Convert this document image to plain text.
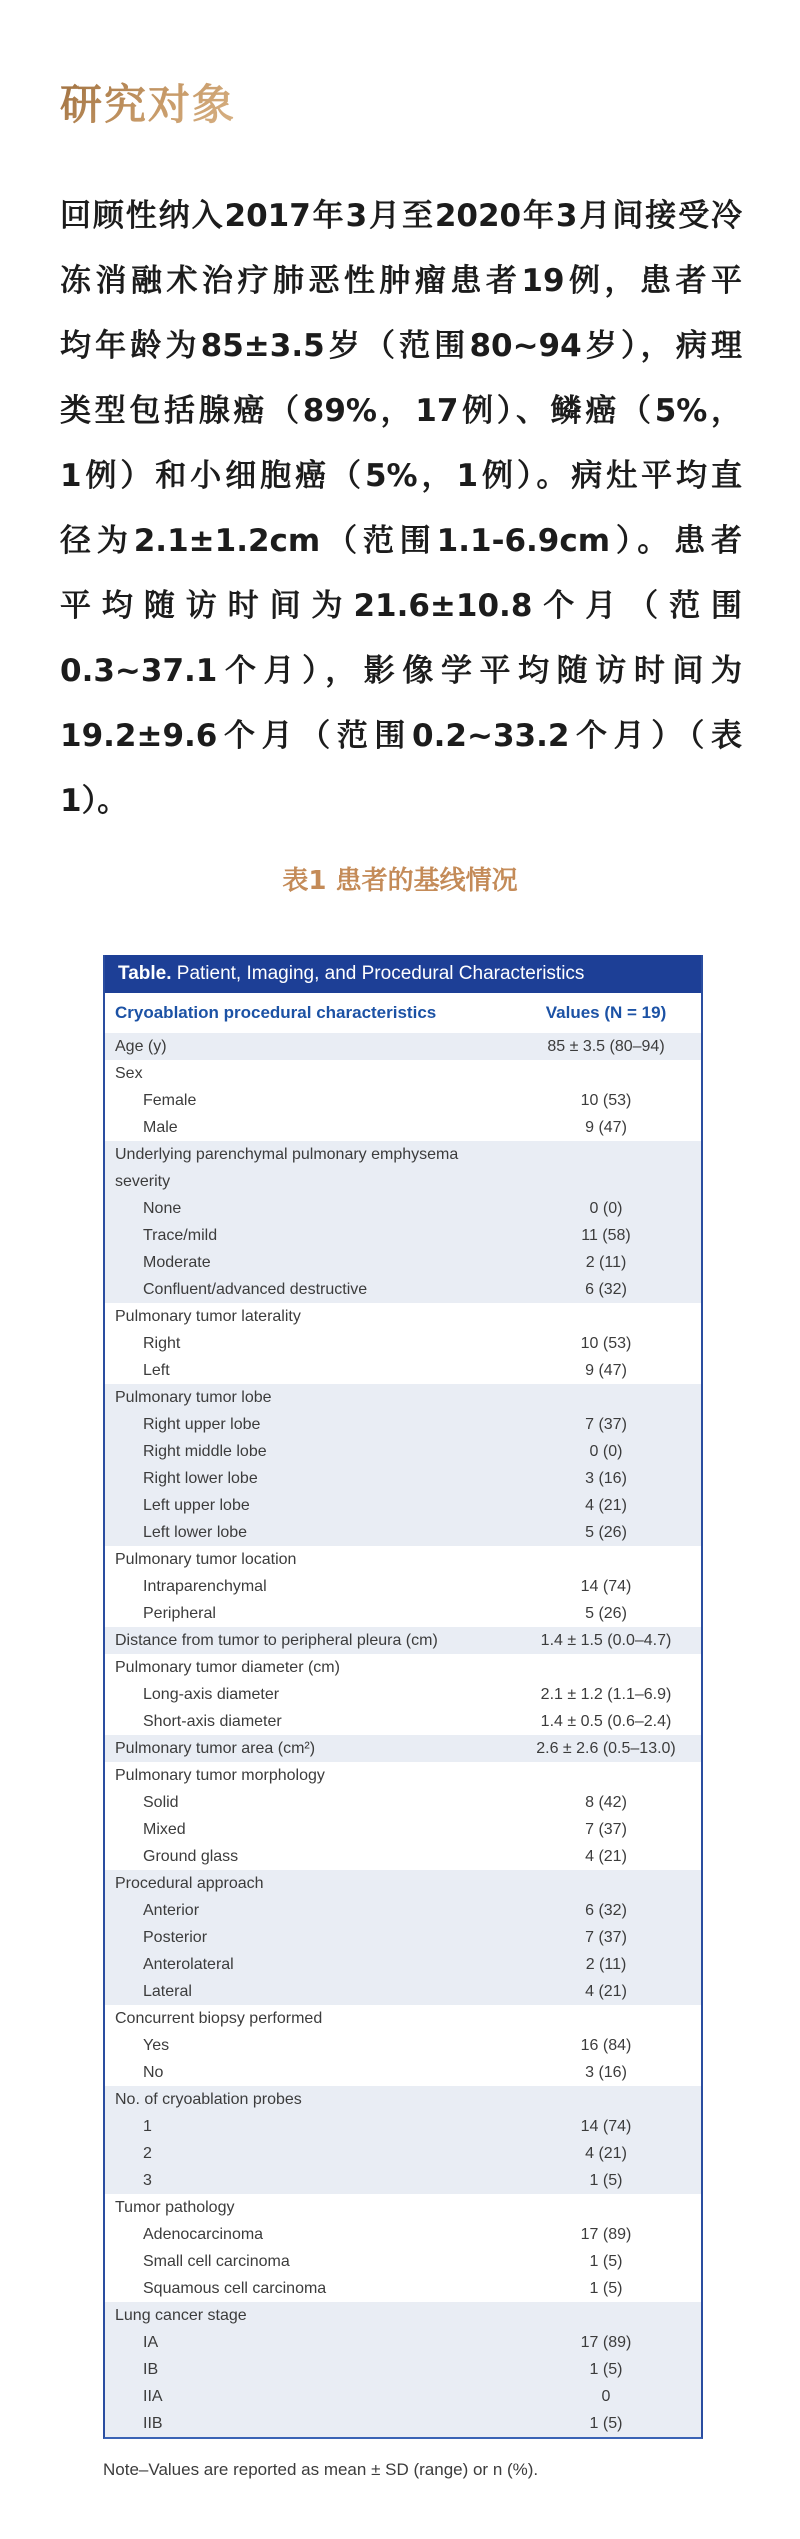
研究对象
回顾性纳入2017年3月至2020年3月间接受冷
冻消融术治疗肺恶性肿瘤患者19例，患者平
均年龄为85±3.5岁（范围80~94岁），病理
类型包括腺癌（89%，17例）、鳞癌（5%，
1例）和小细胞癌（5%，1例）。病灶平均直
径为2.1±1.2cm（范围1.1-6.9cm）。患者
平均随访时间为21.6±10.8个月（范围
0.3~37.1个月），影像学平均随访时间为
19.2±9.6个月（范围0.2~33.2个月）（表
1）。
表1 患者的基线情况
Table. Patient, Imaging, and Procedural Characteristics
Cryoablation procedural characteristics	Values (N = 19)
Age (y)	85 ± 3.5 (80–94)
Sex
Female	10 (53)
Male	9 (47)
Underlying parenchymal pulmonary emphysema severity
None	0 (0)
Trace/mild	11 (58)
Moderate	2 (11)
Confluent/advanced destructive	6 (32)
Pulmonary tumor laterality
Right	10 (53)
Left	9 (47)
Pulmonary tumor lobe
Right upper lobe	7 (37)
Right middle lobe	0 (0)
Right lower lobe	3 (16)
Left upper lobe	4 (21)
Left lower lobe	5 (26)
Pulmonary tumor location
Intraparenchymal	14 (74)
Peripheral	5 (26)
Distance from tumor to peripheral pleura (cm)	1.4 ± 1.5 (0.0–4.7)
Pulmonary tumor diameter (cm)
Long-axis diameter	2.1 ± 1.2 (1.1–6.9)
Short-axis diameter	1.4 ± 0.5 (0.6–2.4)
Pulmonary tumor area (cm²)	2.6 ± 2.6 (0.5–13.0)
Pulmonary tumor morphology
Solid	8 (42)
Mixed	7 (37)
Ground glass	4 (21)
Procedural approach
Anterior	6 (32)
Posterior	7 (37)
Anterolateral	2 (11)
Lateral	4 (21)
Concurrent biopsy performed
Yes	16 (84)
No	3 (16)
No. of cryoablation probes
1	14 (74)
2	4 (21)
3	1 (5)
Tumor pathology
Adenocarcinoma	17 (89)
Small cell carcinoma	1 (5)
Squamous cell carcinoma	1 (5)
Lung cancer stage
IA	17 (89)
IB	1 (5)
IIA	0
IIB	1 (5)
Note–Values are reported as mean ± SD (range) or n (%).
